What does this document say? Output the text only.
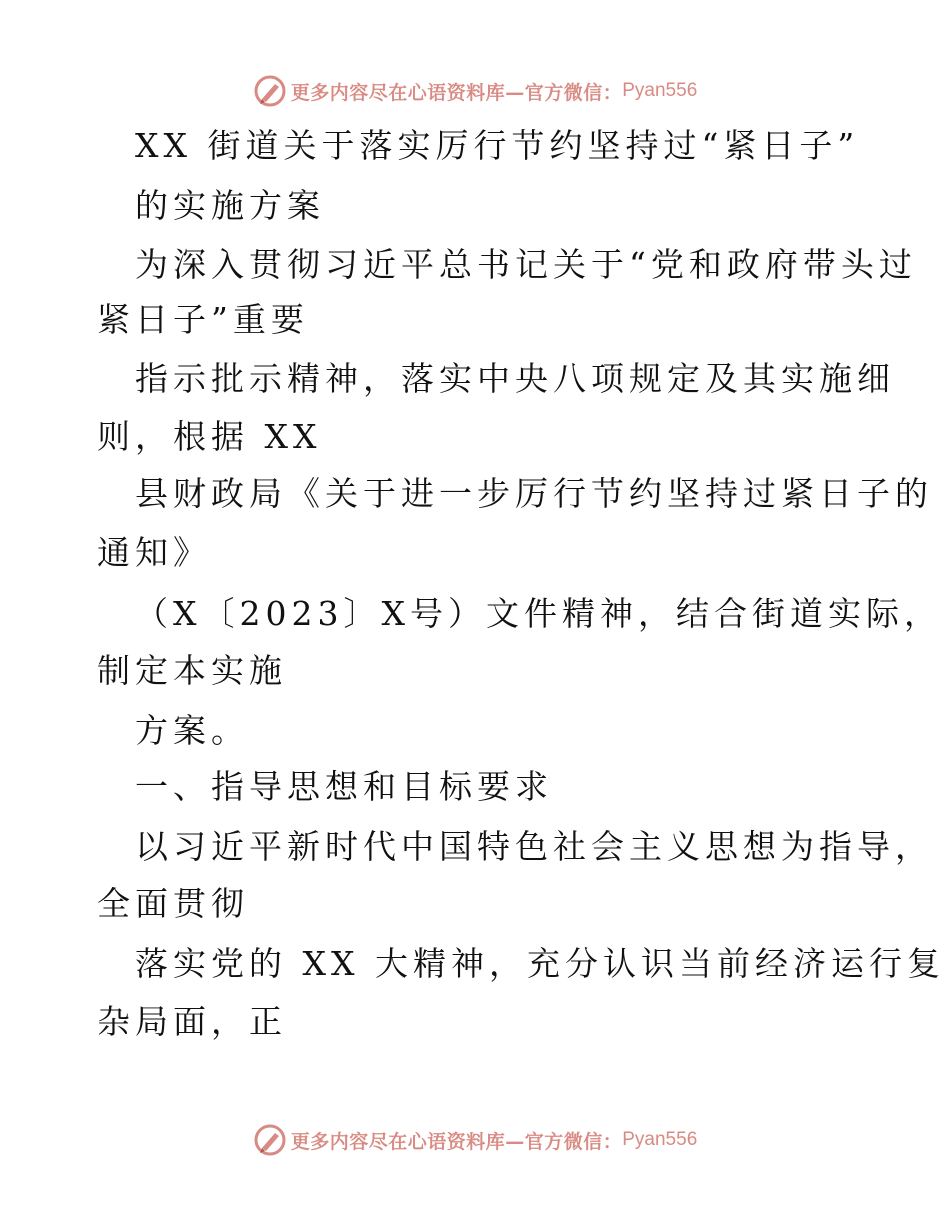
更多内容尽在心语资料库—官方微信： Pyan556
XX 街道关于落实厉行节约坚持过“紧日子”
的实施方案
为深入贯彻习近平总书记关于“党和政府带头过
紧日子”重要
指示批示精神，落实中央八项规定及其实施细
则，根据 XX
县财政局《关于进一步厉行节约坚持过紧日子的
通知》
（X〔2023〕X号）文件精神，结合街道实际，
制定本实施
方案。
一、指导思想和目标要求
以习近平新时代中国特色社会主义思想为指导，
全面贯彻
落实党的 XX 大精神，充分认识当前经济运行复
杂局面，正
更多内容尽在心语资料库—官方微信： Pyan556
